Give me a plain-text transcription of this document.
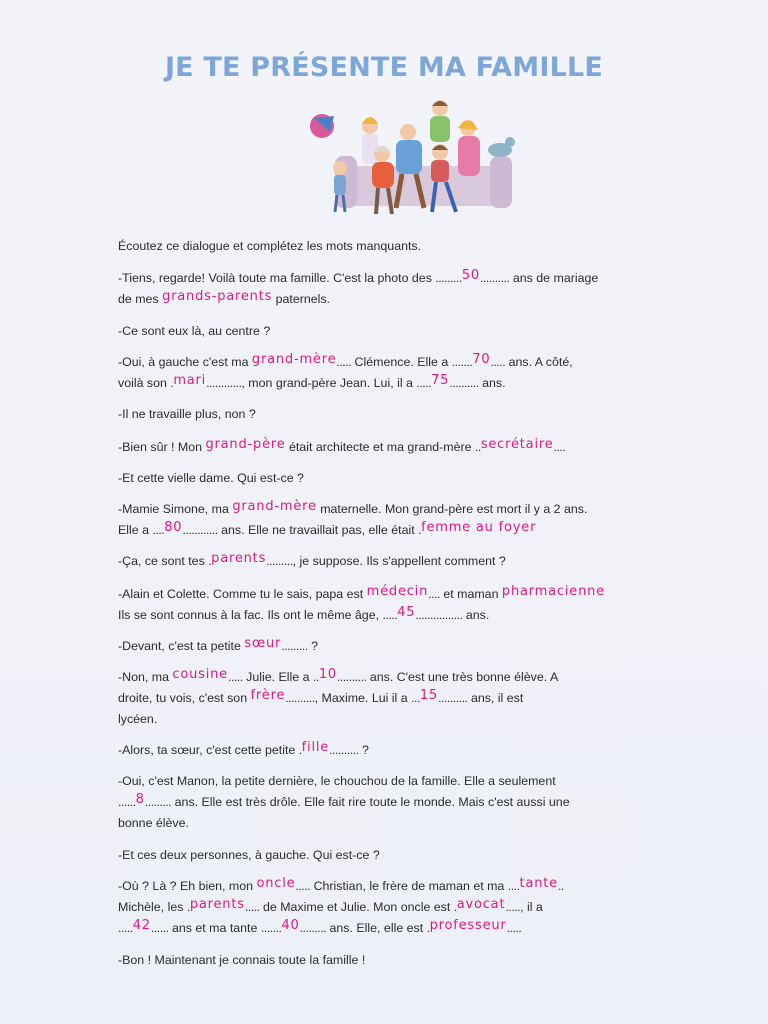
JE TE PRÉSENTE MA FAMILLE
Écoutez ce dialogue et complétez les mots manquants.
-Tiens, regarde! Voilà toute ma famille. C'est la photo des .........50.......... ans de mariage
de mes grands-parents paternels.
-Ce sont eux là, au centre ?
-Oui, à gauche c'est ma grand-mère..... Clémence. Elle a .......70..... ans. A côté,
voilà son .mari............, mon grand-père Jean. Lui, il a .....75.......... ans.
-Il ne travaille plus, non ?
-Bien sûr ! Mon grand-père était architecte et ma grand-mère ..secrétaire....
-Et cette vielle dame. Qui est-ce ?
-Mamie Simone, ma grand-mère maternelle. Mon grand-père est mort il y a 2 ans.
Elle a ....80............ ans. Elle ne travaillait pas, elle était .femme au foyer
-Ça, ce sont tes .parents........., je suppose. Ils s'appellent comment ?
-Alain et Colette. Comme tu le sais, papa est médecin.... et maman pharmacienne
Ils se sont connus à la fac. Ils ont le même âge, .....45................ ans.
-Devant, c'est ta petite sœur......... ?
-Non, ma cousine..... Julie. Elle a ..10.......... ans. C'est une très bonne élève. A
droite, tu vois, c'est son frère.........., Maxime. Lui il a ...15.......... ans, il est
lycéen.
-Alors, ta sœur, c'est cette petite .fille.......... ?
-Oui, c'est Manon, la petite dernière, le chouchou de la famille. Elle a seulement
......8......... ans. Elle est très drôle. Elle fait rire toute le monde. Mais c'est aussi une
bonne élève.
-Et ces deux personnes, à gauche. Qui est-ce ?
-Où ? Là ? Eh bien, mon oncle..... Christian, le frère de maman et ma ....tante..
Michèle, les .parents..... de Maxime et Julie. Mon oncle est .avocat....., il a
.....42...... ans et ma tante .......40......... ans. Elle, elle est .professeur.....
-Bon ! Maintenant je connais toute la famille !
